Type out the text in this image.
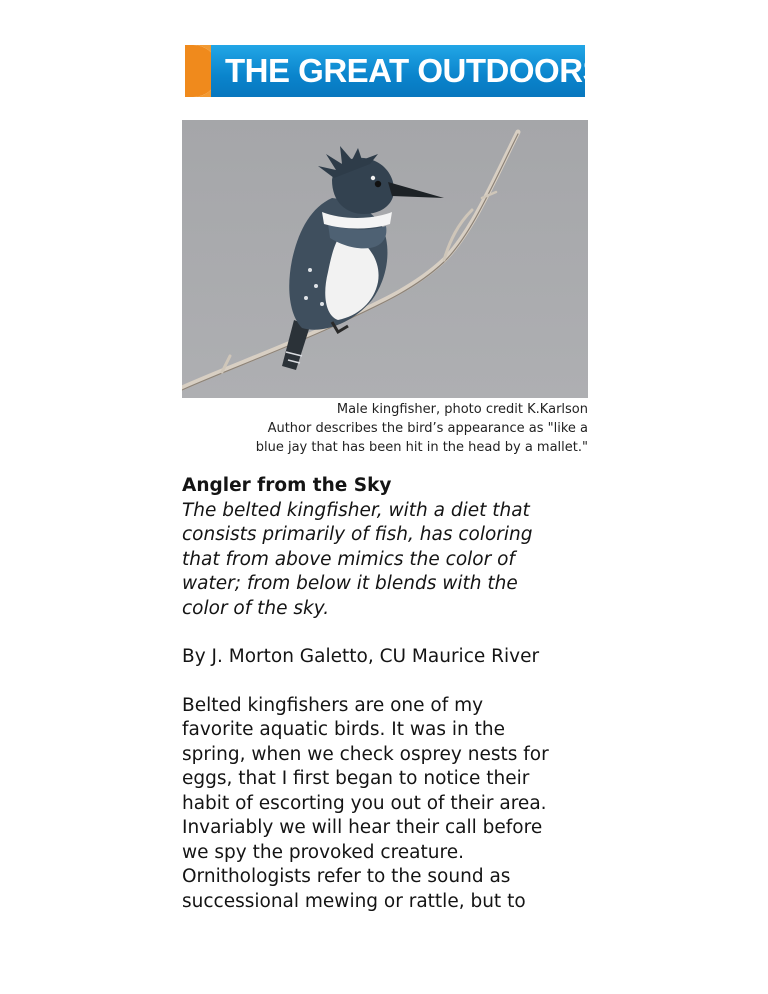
THE GREAT OUTDOORS
Male kingfisher, photo credit K.Karlson
Author describes the bird’s appearance as "like a
blue jay that has been hit in the head by a mallet."
Angler from the Sky
The belted kingfisher, with a diet that
consists primarily of fish, has coloring
that from above mimics the color of
water; from below it blends with the
color of the sky.
By J. Morton Galetto, CU Maurice River
Belted kingfishers are one of my
favorite aquatic birds. It was in the
spring, when we check osprey nests for
eggs, that I first began to notice their
habit of escorting you out of their area.
Invariably we will hear their call before
we spy the provoked creature.
Ornithologists refer to the sound as
successional mewing or rattle, but to
